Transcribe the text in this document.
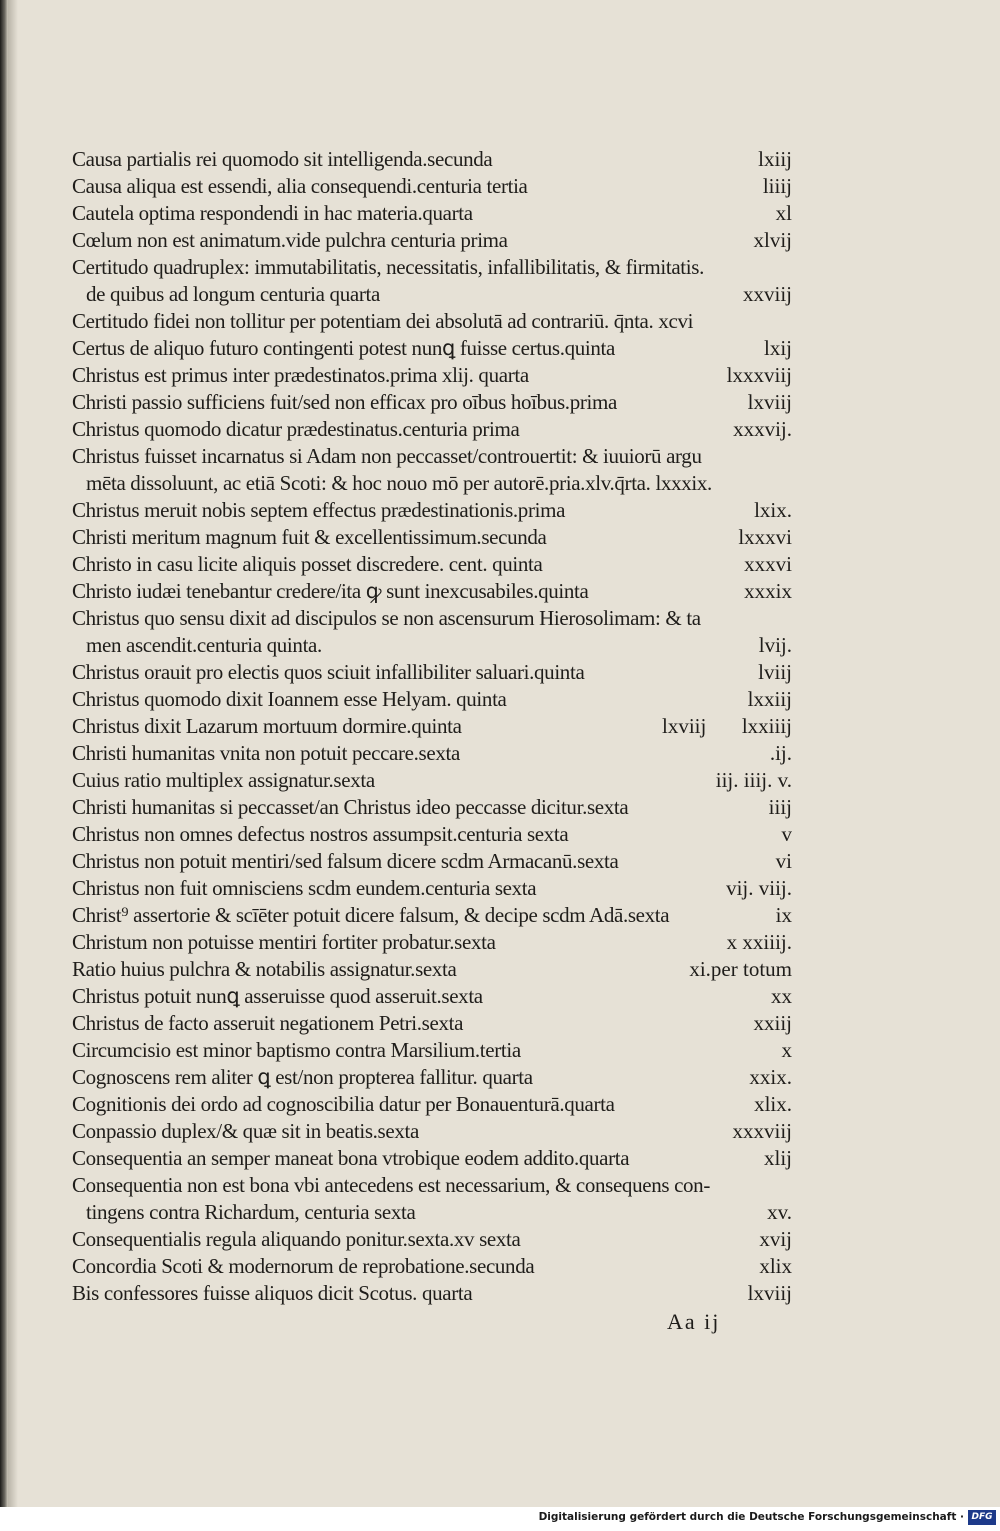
Causa partialis rei quomodo sit intelligenda.secunda	lxiij
Causa aliqua est essendi, alia consequendi.centuria tertia	liiij
Cautela optima respondendi in hac materia.quarta	xl
Cœlum non est animatum.vide pulchra centuria prima	xlvij
Certitudo quadruplex: immutabilitatis, necessitatis, infallibilitatis, & firmitatis.
de quibus ad longum centuria quarta	xxviij
Certitudo fidei non tollitur per potentiam dei absolutā ad contrariū. q̄nta. xcvi
Certus de aliquo futuro contingenti potest nunꝗ fuisse certus.quinta	lxij
Christus est primus inter prædestinatos.prima xlij. quarta	lxxxviij
Christi passio sufficiens fuit/sed non efficax pro oībus hoībus.prima	lxviij
Christus quomodo dicatur prædestinatus.centuria prima	xxxvij.
Christus fuisset incarnatus si Adam non peccasset/controuertit: & iuuiorū argu
mēta dissoluunt, ac etiā Scoti: & hoc nouo mō per autorē.pria.xlv.q̄rta. lxxxix.
Christus meruit nobis septem effectus prædestinationis.prima	lxix.
Christi meritum magnum fuit & excellentissimum.secunda	lxxxvi
Christo in casu licite aliquis posset discredere. cent. quinta	xxxvi
Christo iudæi tenebantur credere/ita ꝙ sunt inexcusabiles.quinta	xxxix
Christus quo sensu dixit ad discipulos se non ascensurum Hierosolimam: & ta
men ascendit.centuria quinta.	lvij.
Christus orauit pro electis quos sciuit infallibiliter saluari.quinta	lviij
Christus quomodo dixit Ioannem esse Helyam. quinta	lxxiij
Christus dixit Lazarum mortuum dormire.quinta	lxviij lxxiiij
Christi humanitas vnita non potuit peccare.sexta	.ij.
Cuius ratio multiplex assignatur.sexta	iij. iiij. v.
Christi humanitas si peccasset/an Christus ideo peccasse dicitur.sexta	iiij
Christus non omnes defectus nostros assumpsit.centuria sexta	v
Christus non potuit mentiri/sed falsum dicere scdm Armacanū.sexta	vi
Christus non fuit omnisciens scdm eundem.centuria sexta	vij. viij.
Christ⁹ assertorie & scīēter potuit dicere falsum, & decipe scdm Adā.sexta	ix
Christum non potuisse mentiri fortiter probatur.sexta	x xxiiij.
Ratio huius pulchra & notabilis assignatur.sexta	xi.per totum
Christus potuit nunꝗ asseruisse quod asseruit.sexta	xx
Christus de facto asseruit negationem Petri.sexta	xxiij
Circumcisio est minor baptismo contra Marsilium.tertia	x
Cognoscens rem aliter ꝗ est/non propterea fallitur. quarta	xxix.
Cognitionis dei ordo ad cognoscibilia datur per Bonauenturā.quarta	xlix.
Conpassio duplex/& quæ sit in beatis.sexta	xxxviij
Consequentia an semper maneat bona vtrobique eodem addito.quarta	xlij
Consequentia non est bona vbi antecedens est necessarium, & consequens con-
tingens contra Richardum, centuria sexta	xv.
Consequentialis regula aliquando ponitur.sexta.xv sexta	xvij
Concordia Scoti & modernorum de reprobatione.secunda	xlix
Bis confessores fuisse aliquos dicit Scotus. quarta	lxviij
Aa ij
Digitalisierung gefördert durch die Deutsche Forschungsgemeinschaft · DFG
